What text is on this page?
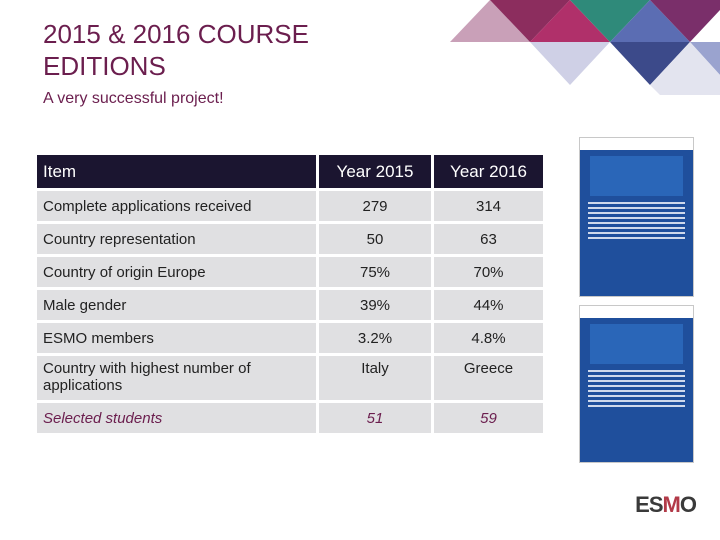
2015 & 2016 COURSE EDITIONS

A very successful project!

Item	Year 2015	Year 2016
Complete applications received	279	314
Country representation	50	63
Country of origin Europe	75%	70%
Male gender	39%	44%
ESMO members	3.2%	4.8%
Country with highest number of applications	Italy	Greece
Selected students	51	59
ESMO
